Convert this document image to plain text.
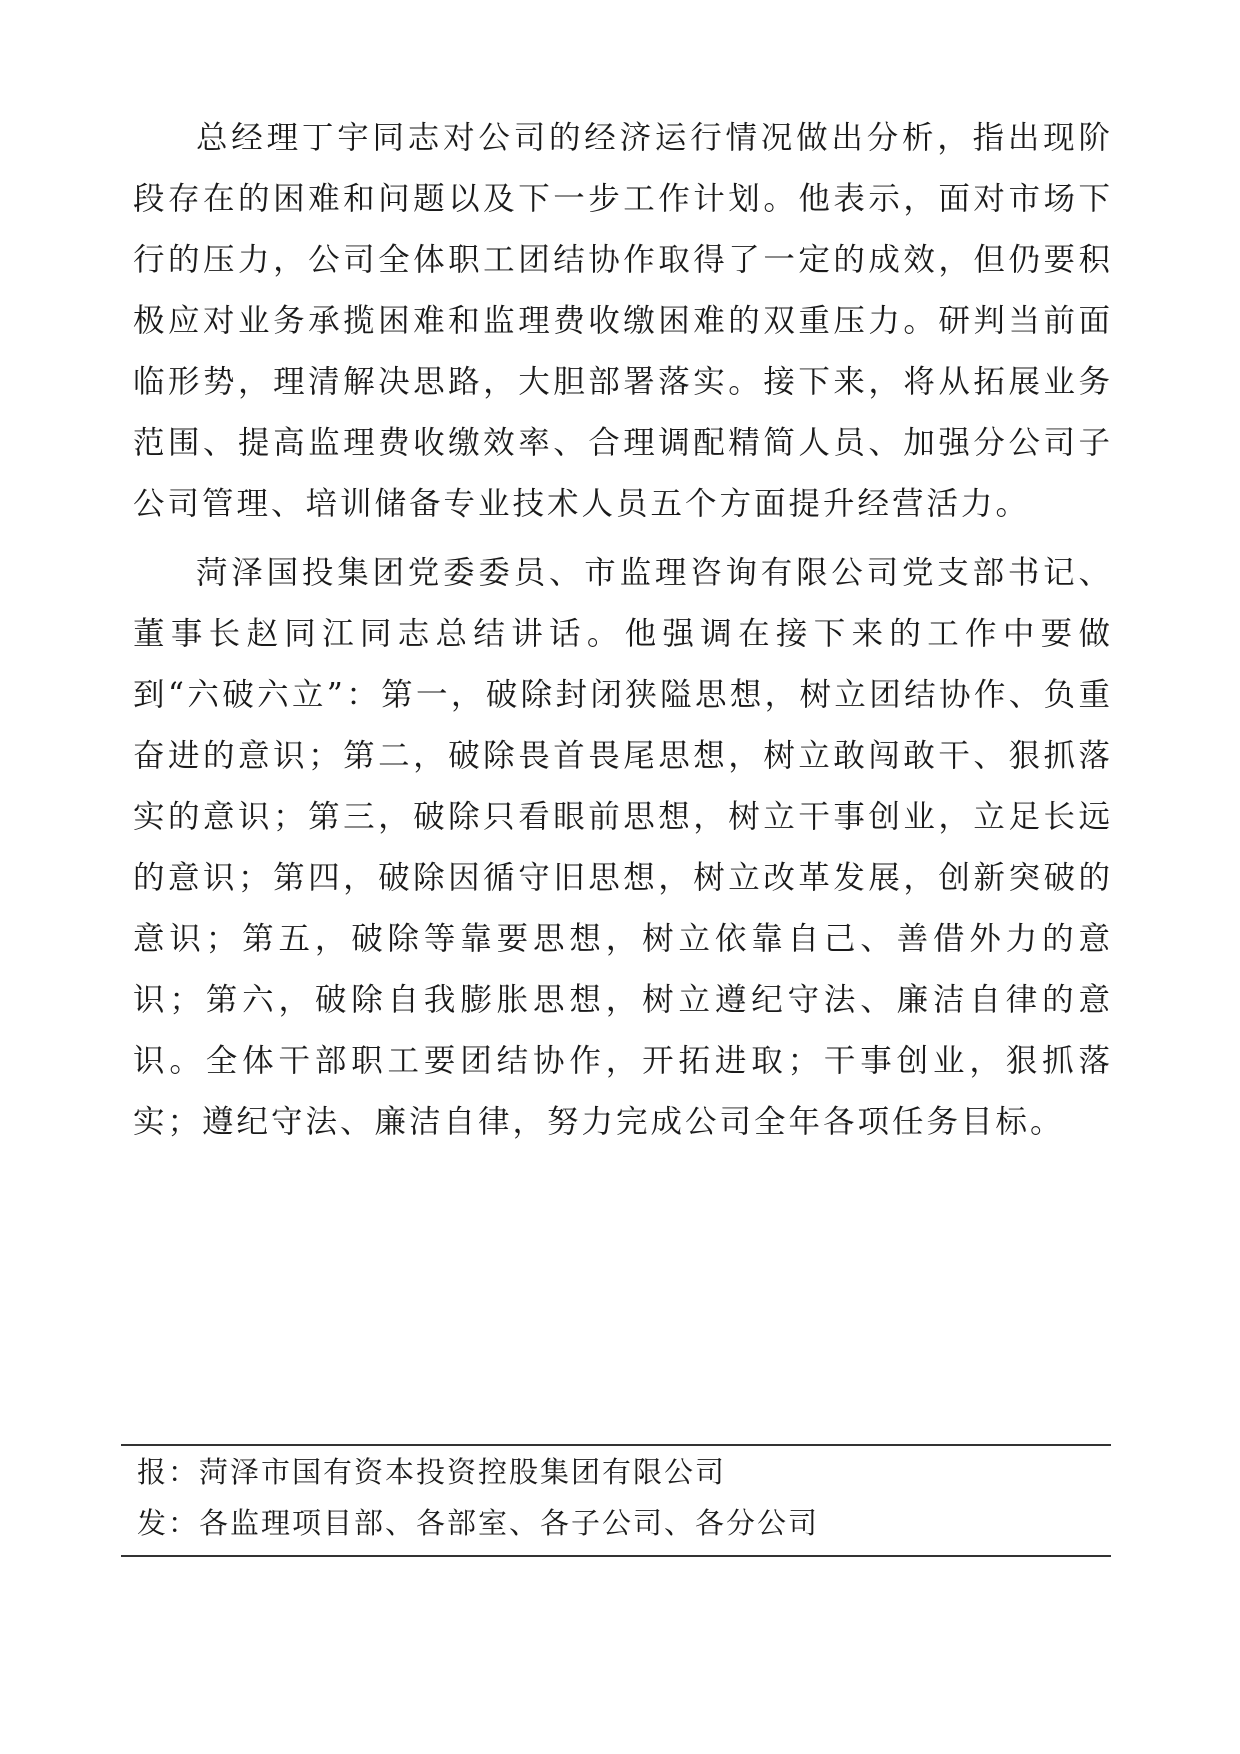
总经理丁宇同志对公司的经济运行情况做出分析，指出现阶段存在的困难和问题以及下一步工作计划。他表示，面对市场下行的压力，公司全体职工团结协作取得了一定的成效，但仍要积极应对业务承揽困难和监理费收缴困难的双重压力。研判当前面临形势，理清解决思路，大胆部署落实。接下来，将从拓展业务范围、提高监理费收缴效率、合理调配精简人员、加强分公司子公司管理、培训储备专业技术人员五个方面提升经营活力。

菏泽国投集团党委委员、市监理咨询有限公司党支部书记、董事长赵同江同志总结讲话。他强调在接下来的工作中要做到“六破六立”：第一，破除封闭狭隘思想，树立团结协作、负重奋进的意识；第二，破除畏首畏尾思想，树立敢闯敢干、狠抓落实的意识；第三，破除只看眼前思想，树立干事创业，立足长远的意识；第四，破除因循守旧思想，树立改革发展，创新突破的意识；第五，破除等靠要思想，树立依靠自己、善借外力的意识；第六，破除自我膨胀思想，树立遵纪守法、廉洁自律的意识。全体干部职工要团结协作，开拓进取；干事创业，狠抓落实；遵纪守法、廉洁自律，努力完成公司全年各项任务目标。

报：菏泽市国有资本投资控股集团有限公司
发：各监理项目部、各部室、各子公司、各分公司
